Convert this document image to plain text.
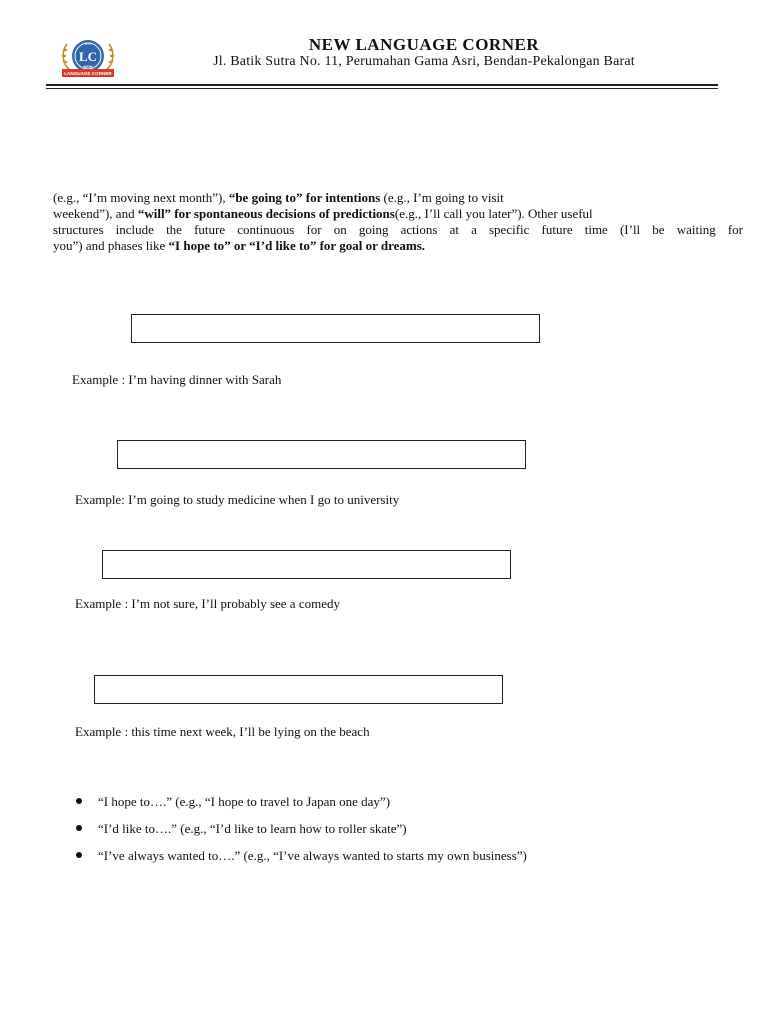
ILC
LC
NEW
LANGUAGE CORNER
NEW LANGUAGE CORNER
Jl. Batik Sutra No. 11, Perumahan Gama Asri, Bendan-Pekalongan Barat

(e.g., “I’m moving next month”), “be going to” for intentions (e.g., I’m going to visit

weekend”), and “will” for spontaneous decisions of predictions(e.g., I’ll call you later”). Other useful

structures include the future continuous for on going actions at a specific future time (I’ll be waiting for

you”) and phases like “I hope to” or “I’d like to” for goal or dreams.

Example : I’m having dinner with Sarah
Example: I’m going to study medicine when I go to university
Example : I’m not sure, I’ll probably see a comedy
Example : this time next week, I’ll be lying on the beach
“I hope to….” (e.g., “I hope to travel to Japan one day”)
“I’d like to….” (e.g., “I’d like to learn how to roller skate”)
“I’ve always wanted to….” (e.g., “I’ve always wanted to starts my own business”)
